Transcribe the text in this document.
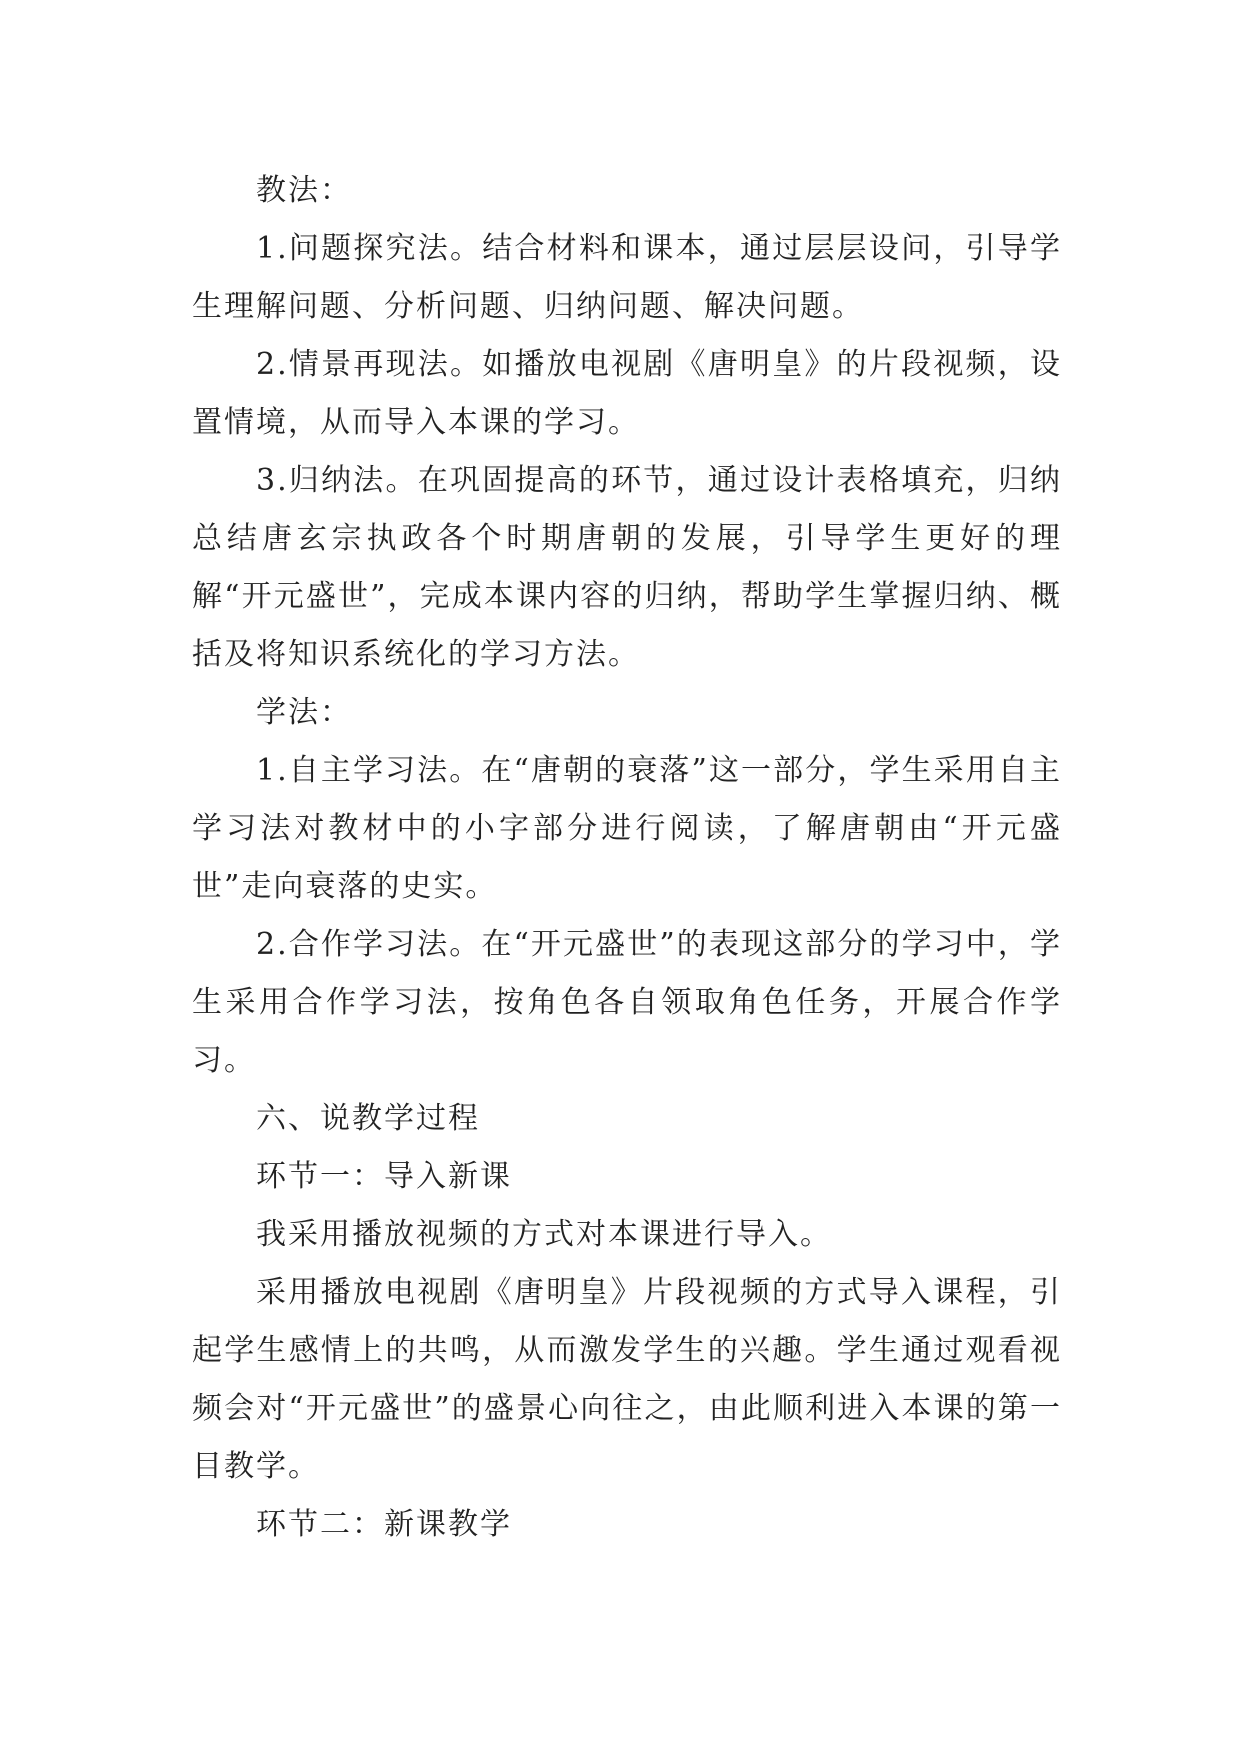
教法：

1.问题探究法。结合材料和课本，通过层层设问，引导学生理解问题、分析问题、归纳问题、解决问题。

2.情景再现法。如播放电视剧《唐明皇》的片段视频，设置情境，从而导入本课的学习。

3.归纳法。在巩固提高的环节，通过设计表格填充，归纳总结唐玄宗执政各个时期唐朝的发展，引导学生更好的理解“开元盛世”，完成本课内容的归纳，帮助学生掌握归纳、概括及将知识系统化的学习方法。

学法：

1.自主学习法。在“唐朝的衰落”这一部分，学生采用自主学习法对教材中的小字部分进行阅读，了解唐朝由“开元盛世”走向衰落的史实。

2.合作学习法。在“开元盛世”的表现这部分的学习中，学生采用合作学习法，按角色各自领取角色任务，开展合作学习。

六、说教学过程

环节一：导入新课

我采用播放视频的方式对本课进行导入。

采用播放电视剧《唐明皇》片段视频的方式导入课程，引起学生感情上的共鸣，从而激发学生的兴趣。学生通过观看视频会对“开元盛世”的盛景心向往之，由此顺利进入本课的第一目教学。

环节二：新课教学
